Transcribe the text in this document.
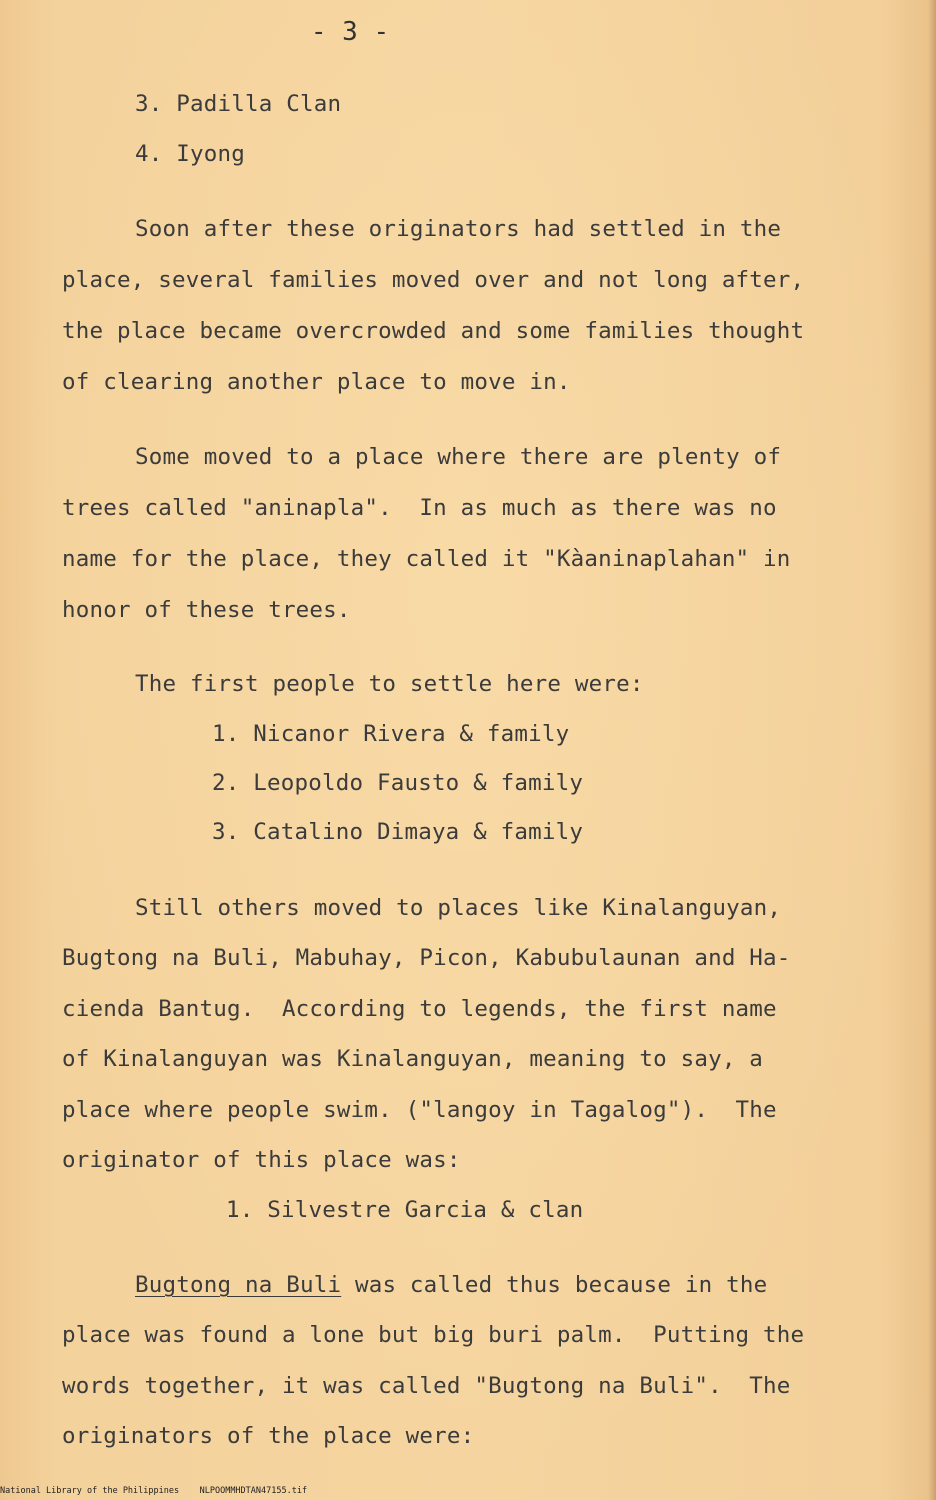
- 3 -

3. Padilla Clan

4. Iyong

Soon after these originators had settled in the

place, several families moved over and not long after,

the place became overcrowded and some families thought

of clearing another place to move in.

Some moved to a place where there are plenty of

trees called "aninapla".  In as much as there was no

name for the place, they called it "Kàaninaplahan" in

honor of these trees.

The first people to settle here were:

1. Nicanor Rivera & family

2. Leopoldo Fausto & family

3. Catalino Dimaya & family

Still others moved to places like Kinalanguyan,

Bugtong na Buli, Mabuhay, Picon, Kabubulaunan and Ha-

cienda Bantug.  According to legends, the first name

of Kinalanguyan was Kinalanguyan, meaning to say, a

place where people swim. ("langoy in Tagalog").  The

originator of this place was:

1. Silvestre Garcia & clan

Bugtong na Buli was called thus because in the

place was found a lone but big buri palm.  Putting the

words together, it was called "Bugtong na Buli".  The

originators of the place were:

National Library of the Philippines NLPOOMMHDTAN47155.tif
